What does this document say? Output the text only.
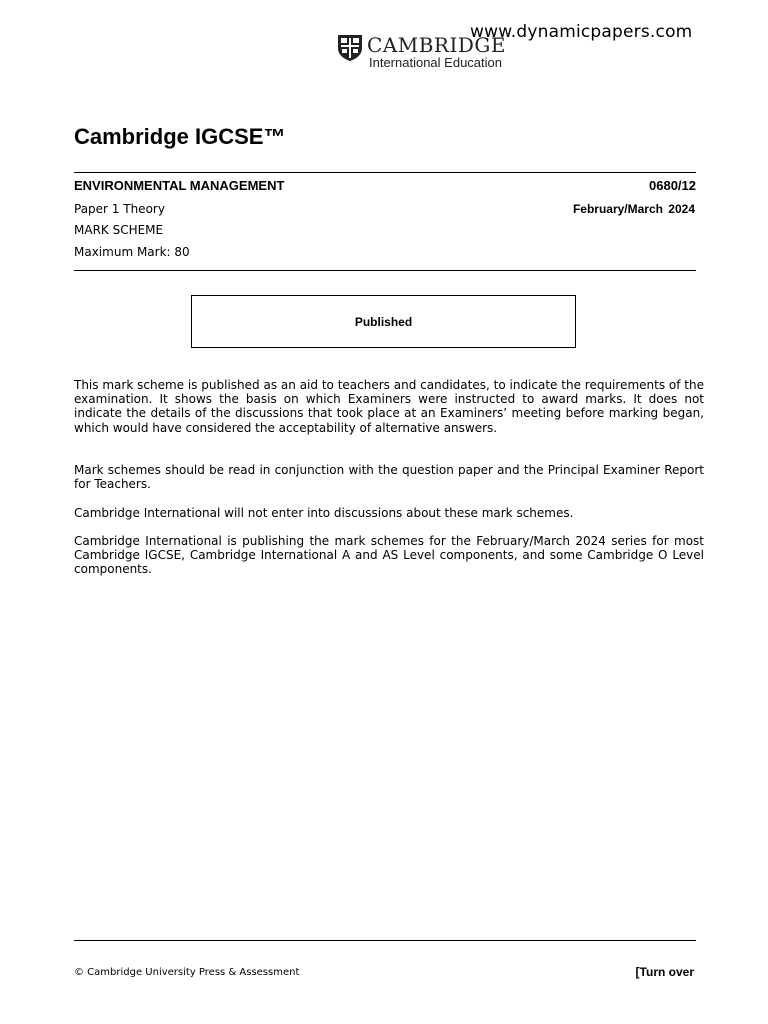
www.dynamicpapers.com
CAMBRIDGE
International Education
Cambridge IGCSE™
ENVIRONMENTAL MANAGEMENT	0680/12
Paper 1 Theory	February/March 2024
MARK SCHEME
Maximum Mark: 80
Published
This mark scheme is published as an aid to teachers and candidates, to indicate the requirements of the examination. It shows the basis on which Examiners were instructed to award marks. It does not indicate the details of the discussions that took place at an Examiners’ meeting before marking began, which would have considered the acceptability of alternative answers.
Mark schemes should be read in conjunction with the question paper and the Principal Examiner Report for Teachers.
Cambridge International will not enter into discussions about these mark schemes.
Cambridge International is publishing the mark schemes for the February/March 2024 series for most Cambridge IGCSE, Cambridge International A and AS Level components, and some Cambridge O Level components.
© Cambridge University Press & Assessment	[Turn over
